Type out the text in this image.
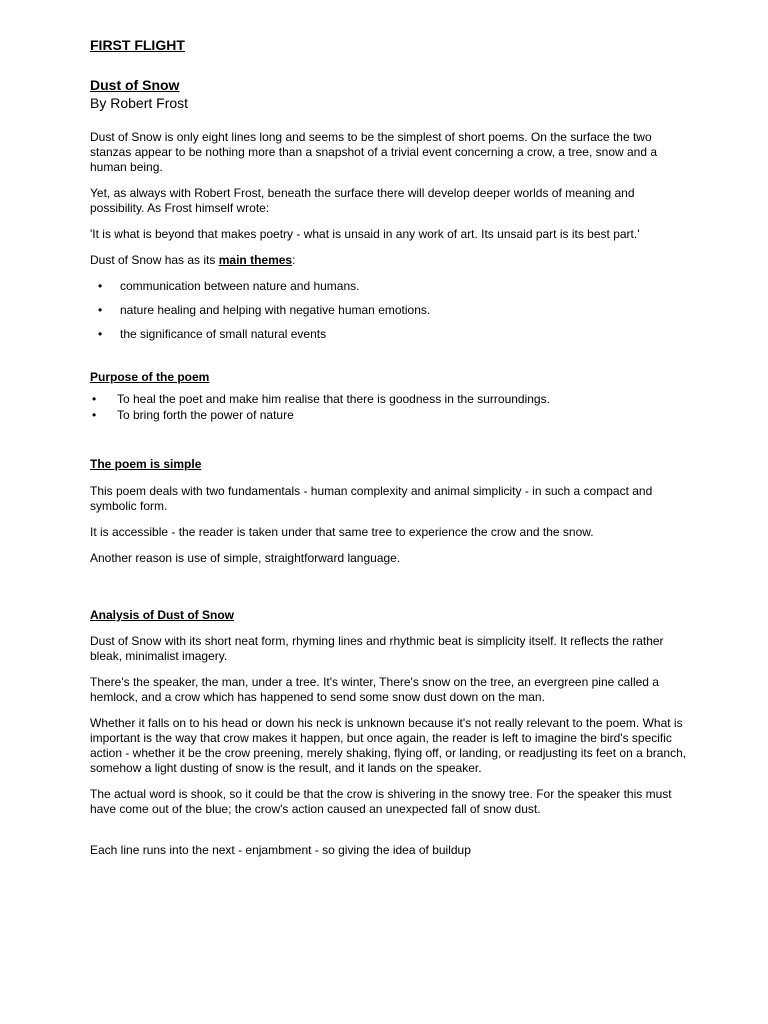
FIRST FLIGHT
Dust of Snow
By Robert Frost

Dust of Snow is only eight lines long and seems to be the simplest of short poems. On the surface the two stanzas appear to be nothing more than a snapshot of a trivial event concerning a crow, a tree, snow and a human being.

Yet, as always with Robert Frost, beneath the surface there will develop deeper worlds of meaning and possibility. As Frost himself wrote:

'It is what is beyond that makes poetry - what is unsaid in any work of art. Its unsaid part is its best part.'

Dust of Snow has as its main themes:

• communication between nature and humans.
• nature healing and helping with negative human emotions.
• the significance of small natural events
Purpose of the poem
• To heal the poet and make him realise that there is goodness in the surroundings.
• To bring forth the power of nature
The poem is simple

This poem deals with two fundamentals - human complexity and animal simplicity - in such a compact and symbolic form.

It is accessible - the reader is taken under that same tree to experience the crow and the snow.

Another reason is use of simple, straightforward language.

Analysis of Dust of Snow

Dust of Snow with its short neat form, rhyming lines and rhythmic beat is simplicity itself. It reflects the rather bleak, minimalist imagery.

There's the speaker, the man, under a tree. It's winter, There's snow on the tree, an evergreen pine called a hemlock, and a crow which has happened to send some snow dust down on the man.

Whether it falls on to his head or down his neck is unknown because it's not really relevant to the poem. What is important is the way that crow makes it happen, but once again, the reader is left to imagine the bird's specific action - whether it be the crow preening, merely shaking, flying off, or landing, or readjusting its feet on a branch, somehow a light dusting of snow is the result, and it lands on the speaker.

The actual word is shook, so it could be that the crow is shivering in the snowy tree. For the speaker this must have come out of the blue; the crow's action caused an unexpected fall of snow dust.

Each line runs into the next - enjambment - so giving the idea of buildup
